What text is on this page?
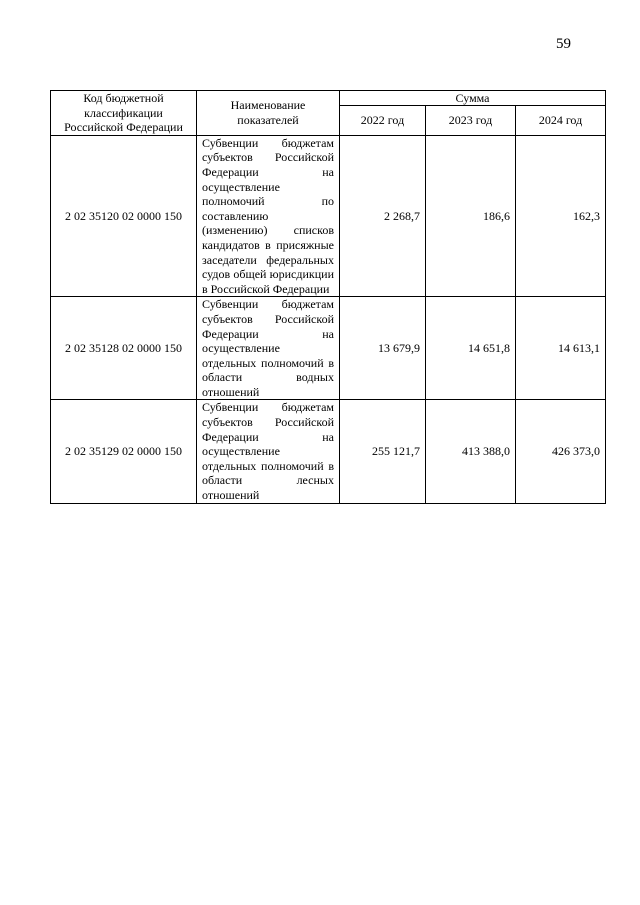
59
Код бюджетной классификации Российской Федерации	Наименование показателей	Сумма		
		2022 год	2023 год	2024 год
2 02 35120 02 0000 150	Субвенции бюджетам субъектов Российской Федерации на осуществление полномочий по составлению (изменению) списков кандидатов в присяжные заседатели федеральных судов общей юрисдикции в Российской Федерации	2 268,7	186,6	162,3
2 02 35128 02 0000 150	Субвенции бюджетам субъектов Российской Федерации на осуществление отдельных полномочий в области водных отношений	13 679,9	14 651,8	14 613,1
2 02 35129 02 0000 150	Субвенции бюджетам субъектов Российской Федерации на осуществление отдельных полномочий в области лесных отношений	255 121,7	413 388,0	426 373,0
